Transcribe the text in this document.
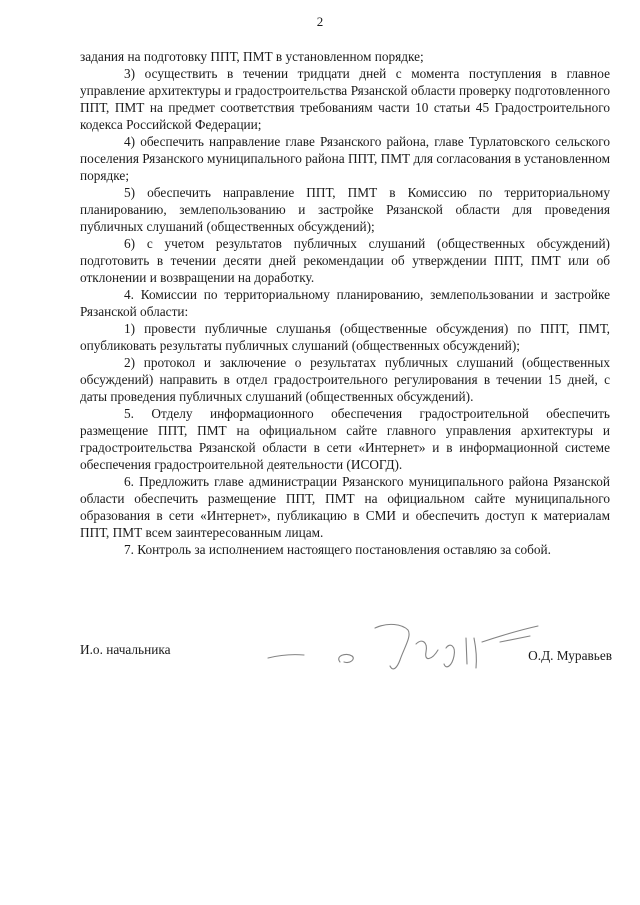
2

задания на подготовку ППТ, ПМТ в установленном порядке;

3) осуществить в течении тридцати дней с момента поступления в главное управление архитектуры и градостроительства Рязанской области проверку подготовленного ППТ, ПМТ на предмет соответствия требованиям части 10 статьи 45 Градостроительного кодекса Российской Федерации;

4) обеспечить направление главе Рязанского района, главе Турлатовского сельского поселения Рязанского муниципального района ППТ, ПМТ для согласования в установленном порядке;

5) обеспечить направление ППТ, ПМТ в Комиссию по территориальному планированию, землепользованию и застройке Рязанской области для проведения публичных слушаний (общественных обсуждений);

6) с учетом результатов публичных слушаний (общественных обсуждений) подготовить в течении десяти дней рекомендации об утверждении ППТ, ПМТ или об отклонении и возвращении на доработку.

4. Комиссии по территориальному планированию, землепользовании и застройке Рязанской области:

1) провести публичные слушанья (общественные обсуждения) по ППТ, ПМТ, опубликовать результаты публичных слушаний (общественных обсуждений);

2) протокол и заключение о результатах публичных слушаний (общественных обсуждений) направить в отдел градостроительного регулирования в течении 15 дней, с даты проведения публичных слушаний (общественных обсуждений).

5. Отделу информационного обеспечения градостроительной обеспечить размещение ППТ, ПМТ на официальном сайте главного управления архитектуры и градостроительства Рязанской области в сети «Интернет» и в информационной системе обеспечения градостроительной деятельности (ИСОГД).

6. Предложить главе администрации Рязанского муниципального района Рязанской области обеспечить размещение ППТ, ПМТ на официальном сайте муниципального образования в сети «Интернет», публикацию в СМИ и обеспечить доступ к материалам ППТ, ПМТ всем заинтересованным лицам.

7. Контроль за исполнением настоящего постановления оставляю за собой.

И.о. начальника	О.Д. Муравьев
